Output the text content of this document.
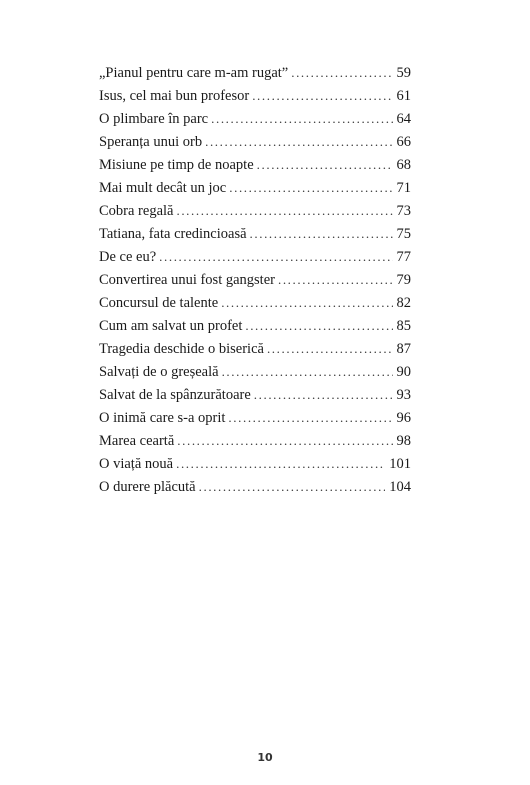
„Pianul pentru care m-am rugat” .....	59
Isus, cel mai bun profesor .....	61
O plimbare în parc .....	64
Speranța unui orb .....	66
Misiune pe timp de noapte .....	68
Mai mult decât un joc .....	71
Cobra regală .....	73
Tatiana, fata credincioasă .....	75
De ce eu? .....	77
Convertirea unui fost gangster .....	79
Concursul de talente .....	82
Cum am salvat un profet .....	85
Tragedia deschide o biserică .....	87
Salvați de o greșeală .....	90
Salvat de la spânzurătoare .....	93
O inimă care s-a oprit .....	96
Marea ceartă .....	98
O viață nouă .....	101
O durere plăcută .....	104
10
